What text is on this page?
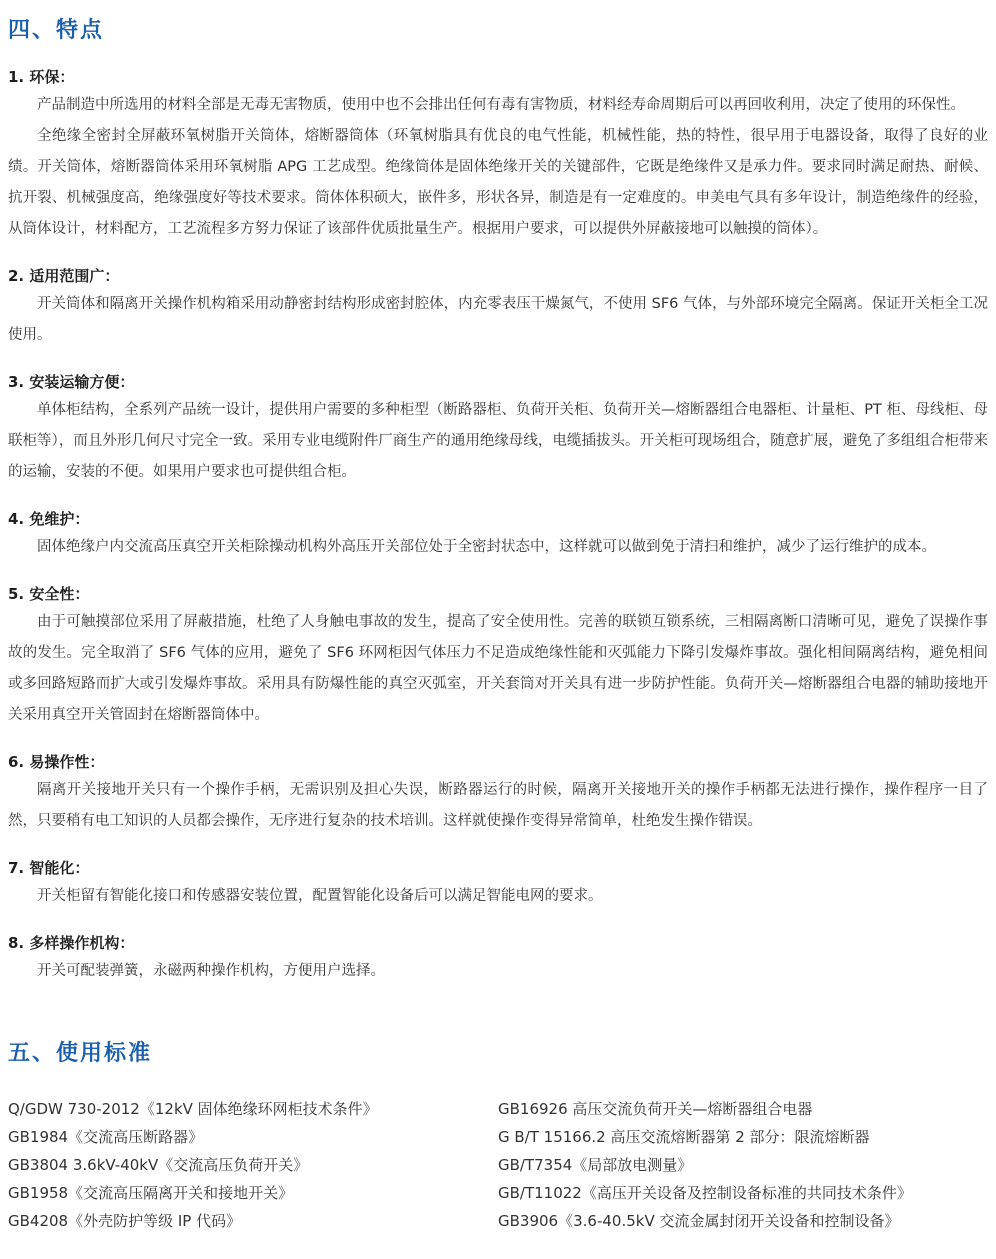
四、特点
1. 环保：

产品制造中所选用的材料全部是无毒无害物质，使用中也不会排出任何有毒有害物质，材料经寿命周期后可以再回收利用，决定了使用的环保性。

全绝缘全密封全屏蔽环氧树脂开关筒体，熔断器筒体（环氧树脂具有优良的电气性能，机械性能，热的特性，很早用于电器设备，取得了良好的业绩。开关筒体，熔断器筒体采用环氧树脂 APG 工艺成型。绝缘筒体是固体绝缘开关的关键部件，它既是绝缘件又是承力件。要求同时满足耐热、耐候、抗开裂、机械强度高，绝缘强度好等技术要求。筒体体积硕大，嵌件多，形状各异，制造是有一定难度的。申美电气具有多年设计，制造绝缘件的经验，从筒体设计，材料配方，工艺流程多方努力保证了该部件优质批量生产。根据用户要求，可以提供外屏蔽接地可以触摸的筒体）。

2. 适用范围广：

开关筒体和隔离开关操作机构箱采用动静密封结构形成密封腔体，内充零表压干燥氮气，不使用 SF6 气体，与外部环境完全隔离。保证开关柜全工况使用。

3. 安装运输方便：

单体柜结构，全系列产品统一设计，提供用户需要的多种柜型（断路器柜、负荷开关柜、负荷开关—熔断器组合电器柜、计量柜、PT 柜、母线柜、母联柜等），而且外形几何尺寸完全一致。采用专业电缆附件厂商生产的通用绝缘母线，电缆插拔头。开关柜可现场组合，随意扩展，避免了多组组合柜带来的运输，安装的不便。如果用户要求也可提供组合柜。

4. 免维护：

固体绝缘户内交流高压真空开关柜除操动机构外高压开关部位处于全密封状态中，这样就可以做到免于清扫和维护，减少了运行维护的成本。

5. 安全性：

由于可触摸部位采用了屏蔽措施，杜绝了人身触电事故的发生，提高了安全使用性。完善的联锁互锁系统，三相隔离断口清晰可见，避免了误操作事故的发生。完全取消了 SF6 气体的应用，避免了 SF6 环网柜因气体压力不足造成绝缘性能和灭弧能力下降引发爆炸事故。强化相间隔离结构，避免相间或多回路短路而扩大或引发爆炸事故。采用具有防爆性能的真空灭弧室，开关套筒对开关具有进一步防护性能。负荷开关—熔断器组合电器的辅助接地开关采用真空开关管固封在熔断器筒体中。

6. 易操作性：

隔离开关接地开关只有一个操作手柄，无需识别及担心失误，断路器运行的时候，隔离开关接地开关的操作手柄都无法进行操作，操作程序一目了然，只要稍有电工知识的人员都会操作，无序进行复杂的技术培训。这样就使操作变得异常简单，杜绝发生操作错误。

7. 智能化：

开关柜留有智能化接口和传感器安装位置，配置智能化设备后可以满足智能电网的要求。

8. 多样操作机构：

开关可配装弹簧，永磁两种操作机构，方便用户选择。

五、使用标准

Q/GDW 730-2012《12kV 固体绝缘环网柜技术条件》

GB1984《交流高压断路器》

GB3804 3.6kV-40kV《交流高压负荷开关》

GB1958《交流高压隔离开关和接地开关》

GB4208《外壳防护等级 IP 代码》

GB16926 高压交流负荷开关—熔断器组合电器

G B/T 15166.2 高压交流熔断器第 2 部分：限流熔断器

GB/T7354《局部放电测量》

GB/T11022《高压开关设备及控制设备标准的共同技术条件》

GB3906《3.6-40.5kV 交流金属封闭开关设备和控制设备》
